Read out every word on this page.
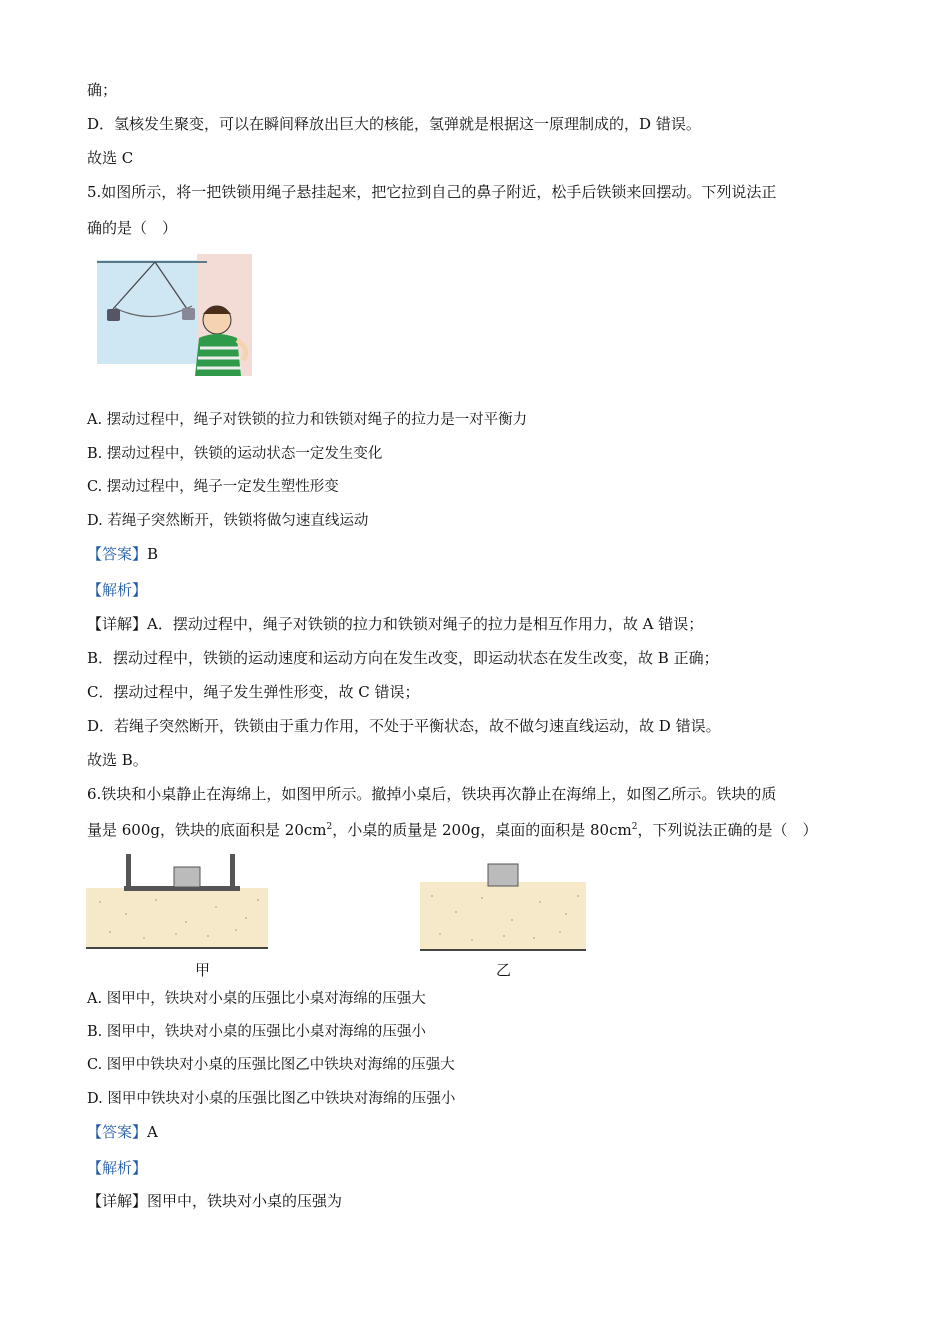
确；
D．氢核发生聚变，可以在瞬间释放出巨大的核能，氢弹就是根据这一原理制成的，D 错误。
故选 C
5.如图所示，将一把铁锁用绳子悬挂起来，把它拉到自己的鼻子附近，松手后铁锁来回摆动。下列说法正
确的是（　）
A. 摆动过程中，绳子对铁锁的拉力和铁锁对绳子的拉力是一对平衡力
B. 摆动过程中，铁锁的运动状态一定发生变化
C. 摆动过程中，绳子一定发生塑性形变
D. 若绳子突然断开，铁锁将做匀速直线运动
【答案】B
【解析】
【详解】A．摆动过程中，绳子对铁锁的拉力和铁锁对绳子的拉力是相互作用力，故 A 错误；
B．摆动过程中，铁锁的运动速度和运动方向在发生改变，即运动状态在发生改变，故 B 正确；
C．摆动过程中，绳子发生弹性形变，故 C 错误；
D．若绳子突然断开，铁锁由于重力作用，不处于平衡状态，故不做匀速直线运动，故 D 错误。
故选 B。
6.铁块和小桌静止在海绵上，如图甲所示。撤掉小桌后，铁块再次静止在海绵上，如图乙所示。铁块的质
量是 600g，铁块的底面积是 $20cm^2$，小桌的质量是 200g，桌面的面积是 $80cm^2$，下列说法正确的是（　）
甲	乙
A. 图甲中，铁块对小桌的压强比小桌对海绵的压强大
B. 图甲中，铁块对小桌的压强比小桌对海绵的压强小
C. 图甲中铁块对小桌的压强比图乙中铁块对海绵的压强大
D. 图甲中铁块对小桌的压强比图乙中铁块对海绵的压强小
【答案】A
【解析】
【详解】图甲中，铁块对小桌的压强为
